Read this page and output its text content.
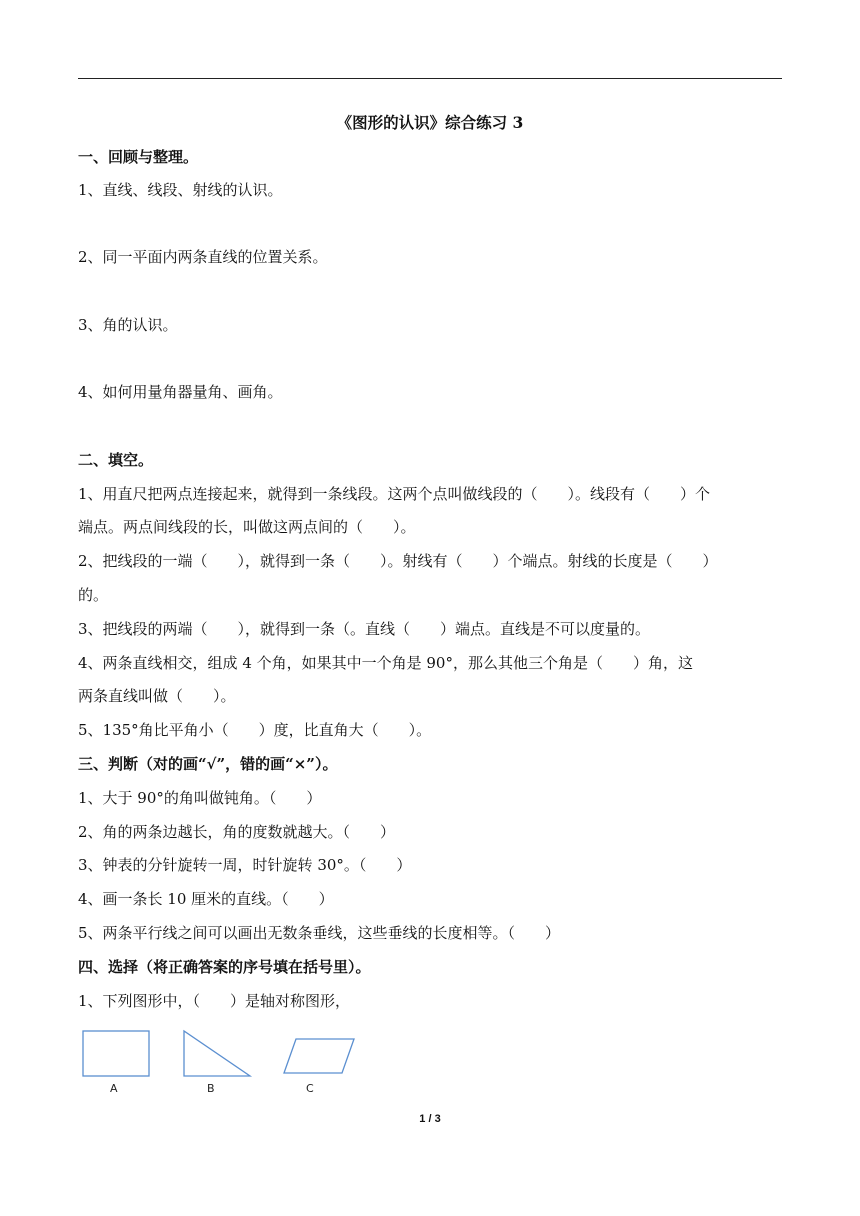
《图形的认识》综合练习 3
一、回顾与整理。
1、直线、线段、射线的认识。
2、同一平面内两条直线的位置关系。
3、角的认识。
4、如何用量角器量角、画角。
二、填空。
1、用直尺把两点连接起来，就得到一条线段。这两个点叫做线段的（　　）。线段有（　　）个
端点。两点间线段的长，叫做这两点间的（　　）。
2、把线段的一端（　　），就得到一条（　　）。射线有（　　）个端点。射线的长度是（　　）
的。
3、把线段的两端（　　），就得到一条（。直线（　　）端点。直线是不可以度量的。
4、两条直线相交，组成 4 个角，如果其中一个角是 90°，那么其他三个角是（　　）角，这
两条直线叫做（　　）。
5、135°角比平角小（　　）度，比直角大（　　）。
三、判断（对的画“√”，错的画“×”）。
1、大于 90°的角叫做钝角。（　　）
2、角的两条边越长，角的度数就越大。（　　）
3、钟表的分针旋转一周，时针旋转 30°。（　　）
4、画一条长 10 厘米的直线。（　　）
5、两条平行线之间可以画出无数条垂线，这些垂线的长度相等。（　　）
四、选择（将正确答案的序号填在括号里）。
1、下列图形中，（　　）是轴对称图形，
A	B	C
1 / 3
